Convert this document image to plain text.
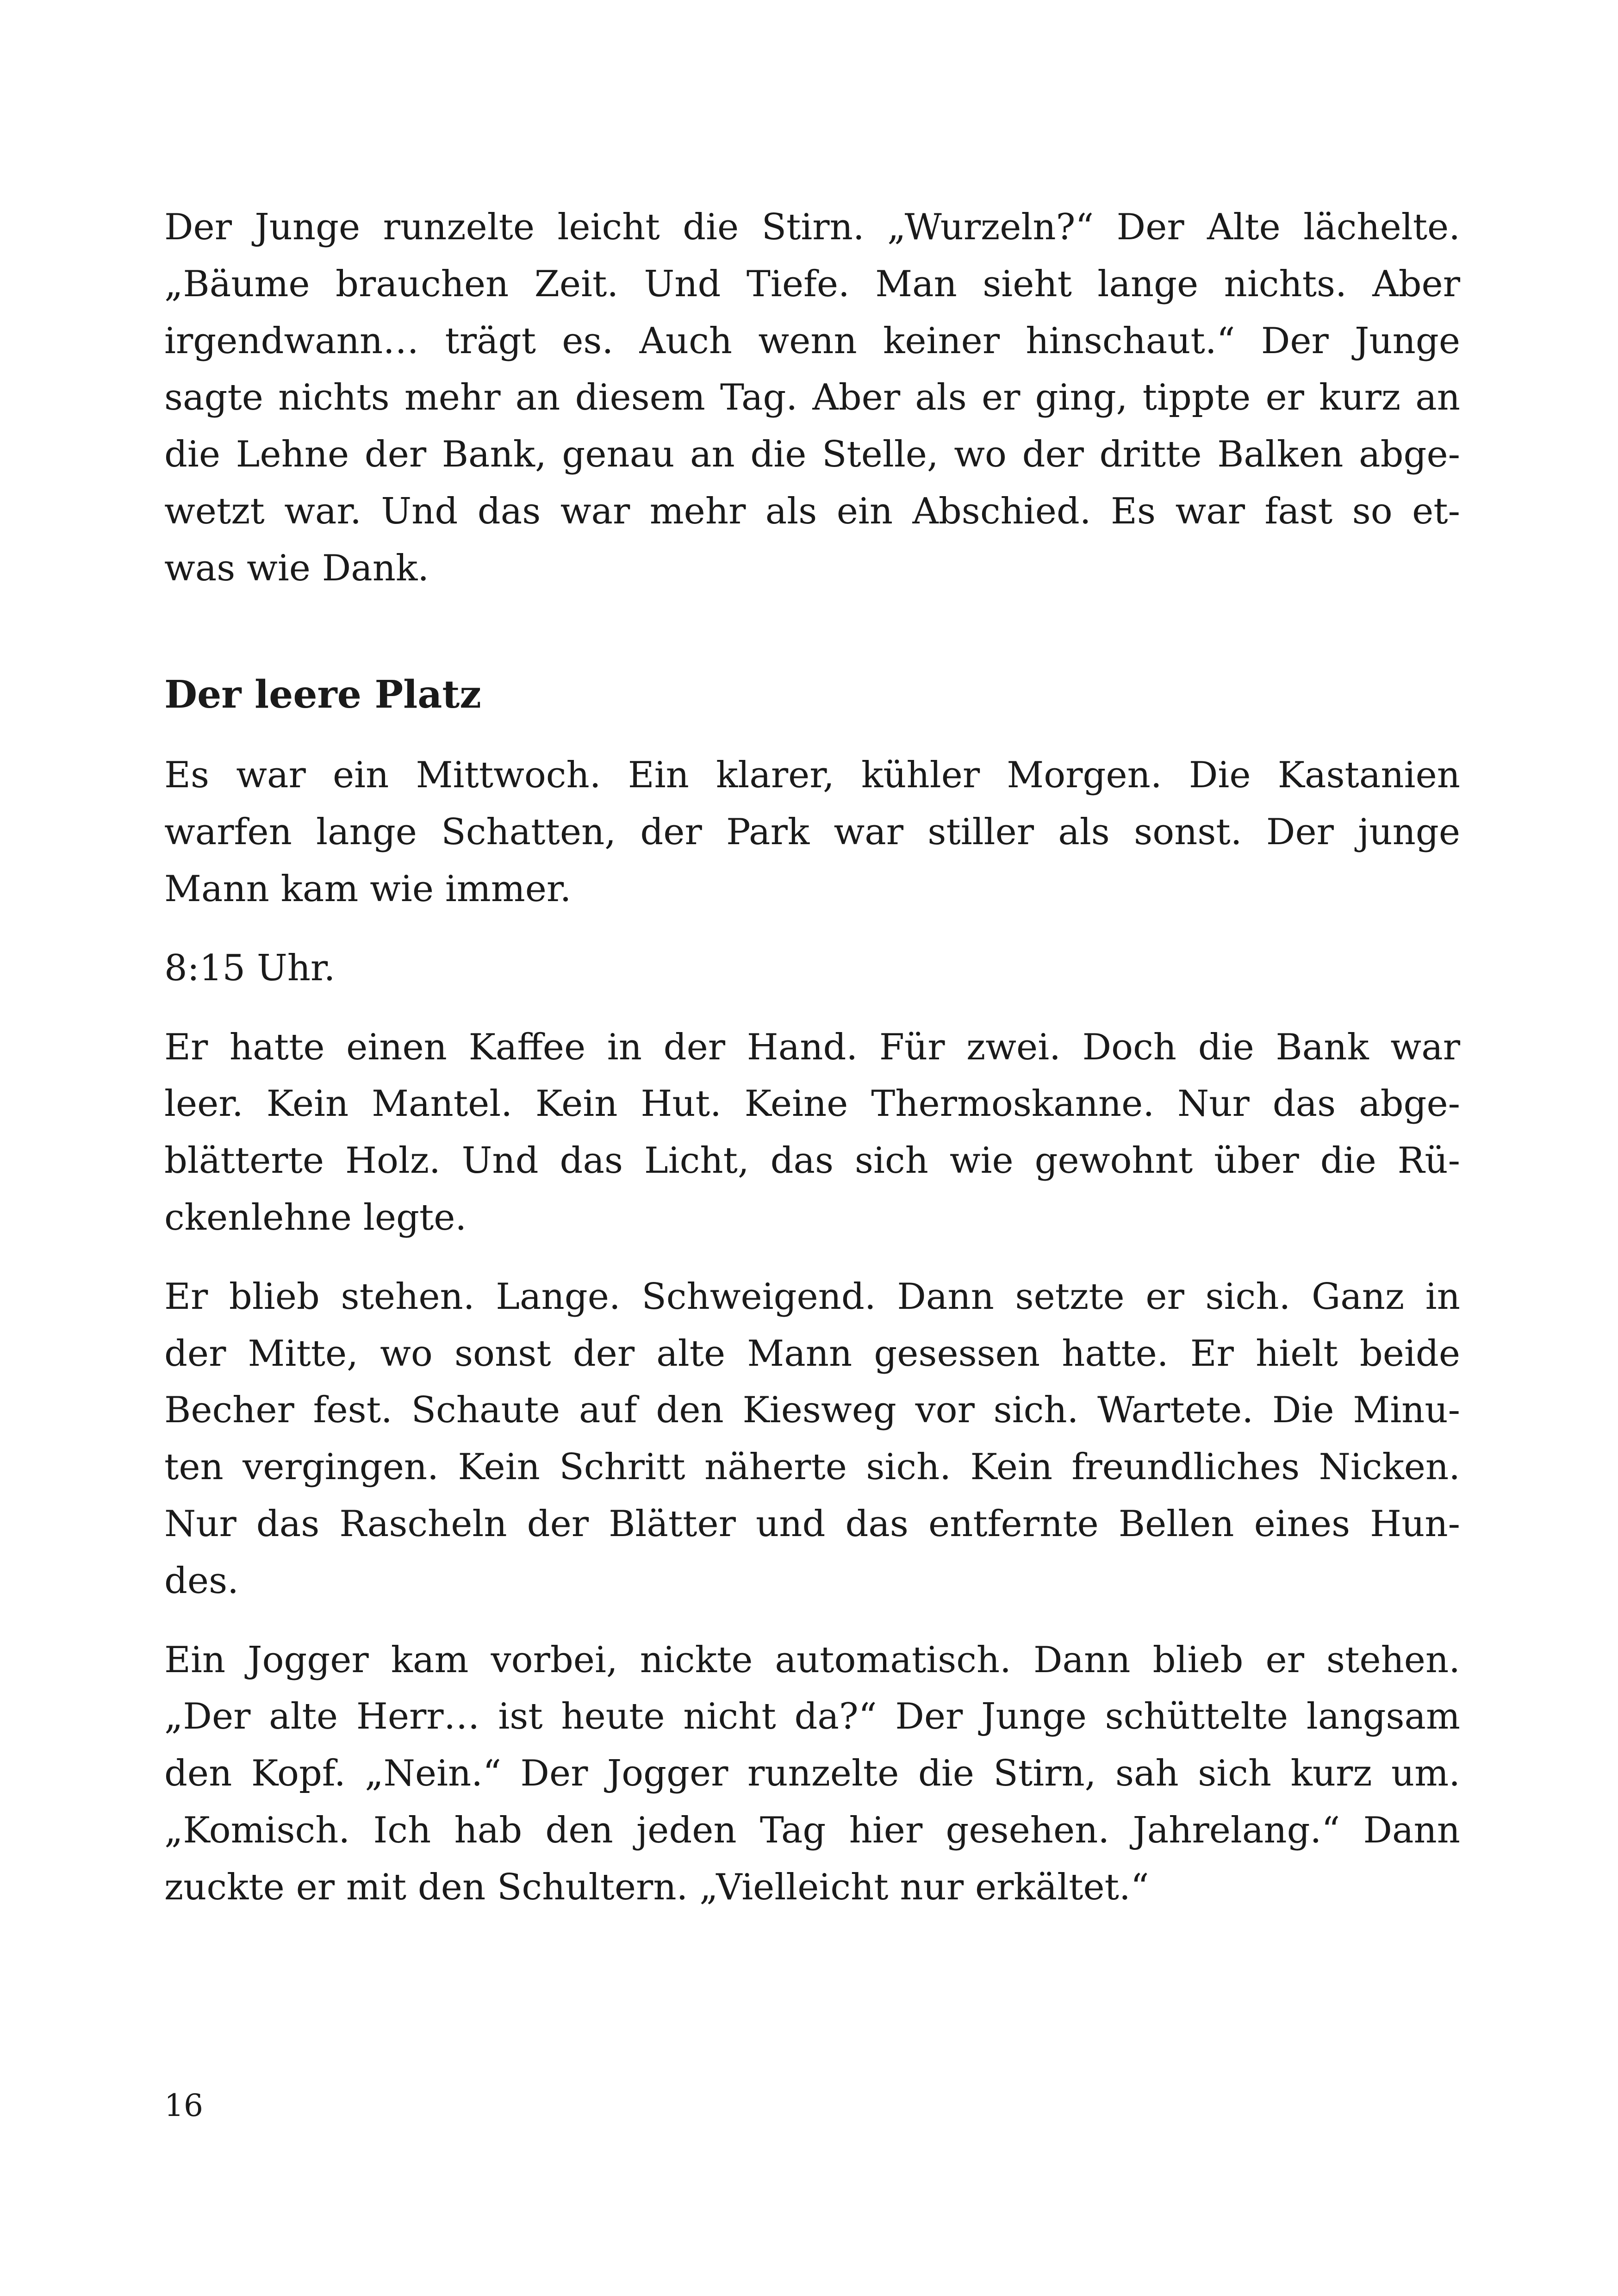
Der Junge runzelte leicht die Stirn. „Wurzeln?“ Der Alte lächelte.
„Bäume brauchen Zeit. Und Tiefe. Man sieht lange nichts. Aber
irgendwann… trägt es. Auch wenn keiner hinschaut.“ Der Junge
sagte nichts mehr an diesem Tag. Aber als er ging, tippte er kurz an
die Lehne der Bank, genau an die Stelle, wo der dritte Balken abge-
wetzt war. Und das war mehr als ein Abschied. Es war fast so et-
was wie Dank.

Der leere Platz

Es war ein Mittwoch. Ein klarer, kühler Morgen. Die Kastanien
warfen lange Schatten, der Park war stiller als sonst. Der junge
Mann kam wie immer.

8:15 Uhr.

Er hatte einen Kaffee in der Hand. Für zwei. Doch die Bank war
leer. Kein Mantel. Kein Hut. Keine Thermoskanne. Nur das abge-
blätterte Holz. Und das Licht, das sich wie gewohnt über die Rü-
ckenlehne legte.

Er blieb stehen. Lange. Schweigend. Dann setzte er sich. Ganz in
der Mitte, wo sonst der alte Mann gesessen hatte. Er hielt beide
Becher fest. Schaute auf den Kiesweg vor sich. Wartete. Die Minu-
ten vergingen. Kein Schritt näherte sich. Kein freundliches Nicken.
Nur das Rascheln der Blätter und das entfernte Bellen eines Hun-
des.

Ein Jogger kam vorbei, nickte automatisch. Dann blieb er stehen.
„Der alte Herr… ist heute nicht da?“ Der Junge schüttelte langsam
den Kopf. „Nein.“ Der Jogger runzelte die Stirn, sah sich kurz um.
„Komisch. Ich hab den jeden Tag hier gesehen. Jahrelang.“ Dann
zuckte er mit den Schultern. „Vielleicht nur erkältet.“

16
